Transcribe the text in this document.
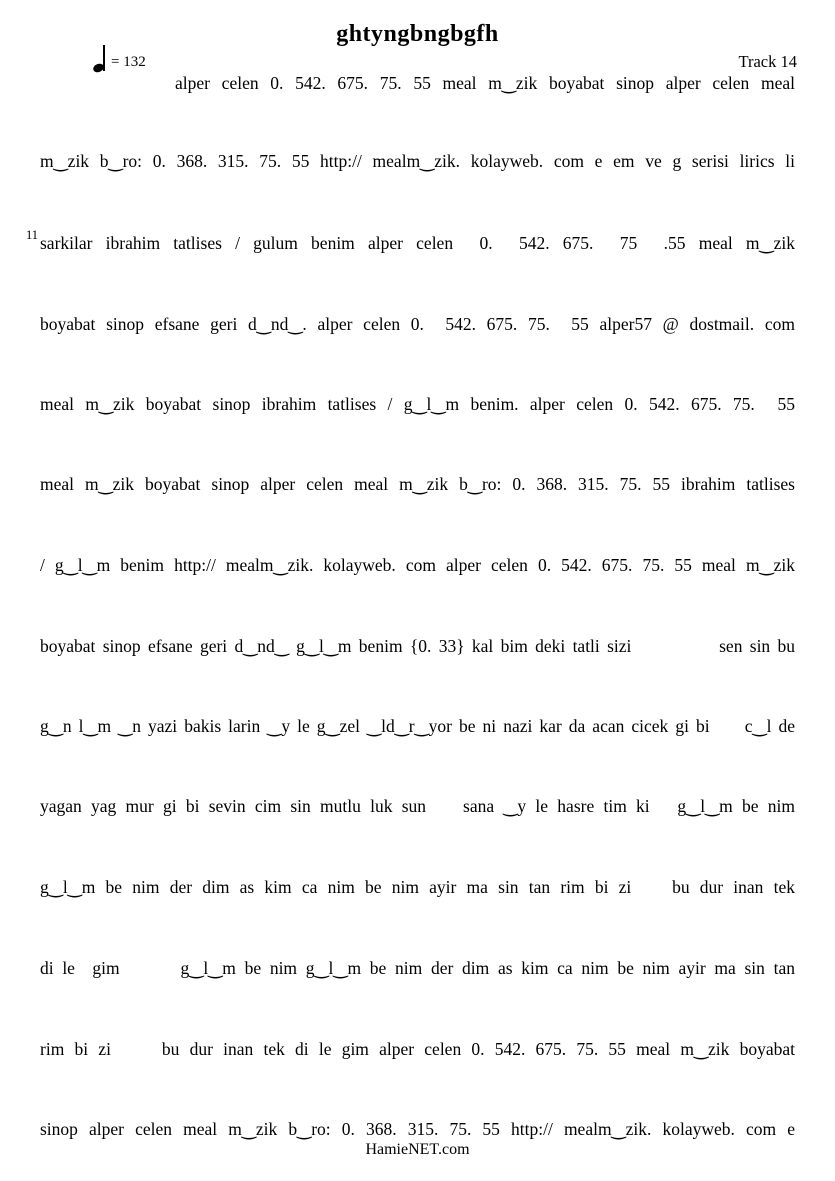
ghtyngbngbgfh
= 132	Track 14
alper celen 0. 542. 675. 75. 55 meal m‿zik boyabat sinop alper celen meal
m‿zik b‿ro: 0. 368. 315. 75. 55 http:// mealm‿zik. kolayweb. com e em ve g serisi lirics li
11 sarkilar ibrahim tatlises / gulum benim alper celen  0.  542. 675.  75  .55 meal m‿zik
boyabat sinop efsane geri d‿nd‿. alper celen 0.  542. 675. 75.  55 alper57 @ dostmail. com
meal m‿zik boyabat sinop ibrahim tatlises / g‿l‿m benim. alper celen 0. 542. 675. 75.  55
meal m‿zik boyabat sinop alper celen meal m‿zik b‿ro: 0. 368. 315. 75. 55 ibrahim tatlises
/ g‿l‿m benim http:// mealm‿zik. kolayweb. com alper celen 0. 542. 675. 75. 55 meal m‿zik
boyabat sinop efsane geri d‿nd‿ g‿l‿m benim {0. 33} kal bim deki tatli sizi            sen sin bu
g‿n l‿m ‿n yazi bakis larin ‿y le g‿zel ‿ld‿r‿yor be ni nazi kar da acan cicek gi bi     c‿l de
yagan yag mur gi bi sevin cim sin mutlu luk sun    sana ‿y le hasre tim ki   g‿l‿m be nim
g‿l‿m be nim der dim as kim ca nim be nim ayir ma sin tan rim bi zi    bu dur inan tek
di le  gim       g‿l‿m be nim g‿l‿m be nim der dim as kim ca nim be nim ayir ma sin tan
rim bi zi     bu dur inan tek di le gim alper celen 0. 542. 675. 75. 55 meal m‿zik boyabat
sinop alper celen meal m‿zik b‿ro: 0. 368. 315. 75. 55 http:// mealm‿zik. kolayweb. com e
HamieNET.com
